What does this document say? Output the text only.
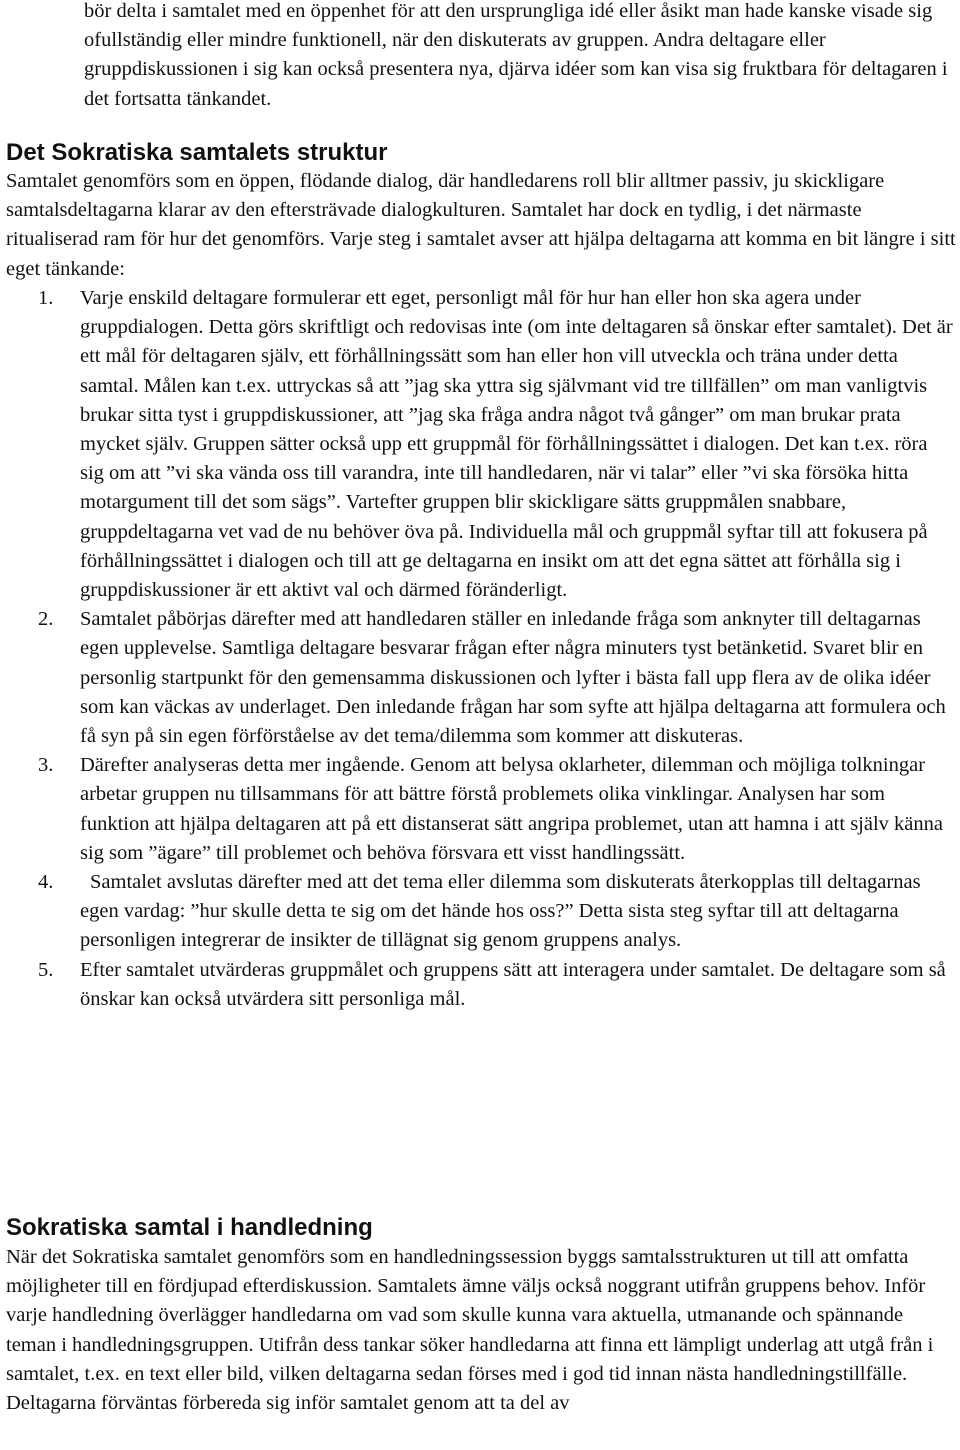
bör delta i samtalet med en öppenhet för att den ursprungliga idé eller åsikt man hade kanske visade sig ofullständig eller mindre funktionell, när den diskuterats av gruppen. Andra deltagare eller gruppdiskussionen i sig kan också presentera nya, djärva idéer som kan visa sig fruktbara för deltagaren i det fortsatta tänkandet.

Det Sokratiska samtalets struktur

Samtalet genomförs som en öppen, flödande dialog, där handledarens roll blir alltmer passiv, ju skickligare samtalsdeltagarna klarar av den eftersträvade dialogkulturen. Samtalet har dock en tydlig, i det närmaste ritualiserad ram för hur det genomförs. Varje steg i samtalet avser att hjälpa deltagarna att komma en bit längre i sitt eget tänkande:

1. Varje enskild deltagare formulerar ett eget, personligt mål för hur han eller hon ska agera under gruppdialogen. Detta görs skriftligt och redovisas inte (om inte deltagaren så önskar efter samtalet). Det är ett mål för deltagaren själv, ett förhållningssätt som han eller hon vill utveckla och träna under detta samtal. Målen kan t.ex. uttryckas så att ”jag ska yttra sig självmant vid tre tillfällen” om man vanligtvis brukar sitta tyst i gruppdiskussioner, att ”jag ska fråga andra något två gånger” om man brukar prata mycket själv. Gruppen sätter också upp ett gruppmål för förhållningssättet i dialogen. Det kan t.ex. röra sig om att ”vi ska vända oss till varandra, inte till handledaren, när vi talar” eller ”vi ska försöka hitta motargument till det som sägs”. Vartefter gruppen blir skickligare sätts gruppmålen snabbare, gruppdeltagarna vet vad de nu behöver öva på. Individuella mål och gruppmål syftar till att fokusera på förhållningssättet i dialogen och till att ge deltagarna en insikt om att det egna sättet att förhålla sig i gruppdiskussioner är ett aktivt val och därmed föränderligt.
2. Samtalet påbörjas därefter med att handledaren ställer en inledande fråga som anknyter till deltagarnas egen upplevelse. Samtliga deltagare besvarar frågan efter några minuters tyst betänketid. Svaret blir en personlig startpunkt för den gemensamma diskussionen och lyfter i bästa fall upp flera av de olika idéer som kan väckas av underlaget. Den inledande frågan har som syfte att hjälpa deltagarna att formulera och få syn på sin egen förförståelse av det tema/dilemma som kommer att diskuteras.
3. Därefter analyseras detta mer ingående. Genom att belysa oklarheter, dilemman och möjliga tolkningar arbetar gruppen nu tillsammans för att bättre förstå problemets olika vinklingar. Analysen har som funktion att hjälpa deltagaren att på ett distanserat sätt angripa problemet, utan att hamna i att själv känna sig som ”ägare” till problemet och behöva försvara ett visst handlingssätt.
4.	Samtalet avslutas därefter med att det tema eller dilemma som diskuterats återkopplas till deltagarnas egen vardag: ”hur skulle detta te sig om det hände hos oss?” Detta sista steg syftar till att deltagarna personligen integrerar de insikter de tillägnat sig genom gruppens analys.
5. Efter samtalet utvärderas gruppmålet och gruppens sätt att interagera under samtalet. De deltagare som så önskar kan också utvärdera sitt personliga mål.
Sokratiska samtal i handledning

När det Sokratiska samtalet genomförs som en handledningssession byggs samtalsstrukturen ut till att omfatta möjligheter till en fördjupad efterdiskussion. Samtalets ämne väljs också noggrant utifrån gruppens behov. Inför varje handledning överlägger handledarna om vad som skulle kunna vara aktuella, utmanande och spännande teman i handledningsgruppen. Utifrån dess tankar söker handledarna att finna ett lämpligt underlag att utgå från i samtalet, t.ex. en text eller bild, vilken deltagarna sedan förses med i god tid innan nästa handledningstillfälle. Deltagarna förväntas förbereda sig inför samtalet genom att ta del av
